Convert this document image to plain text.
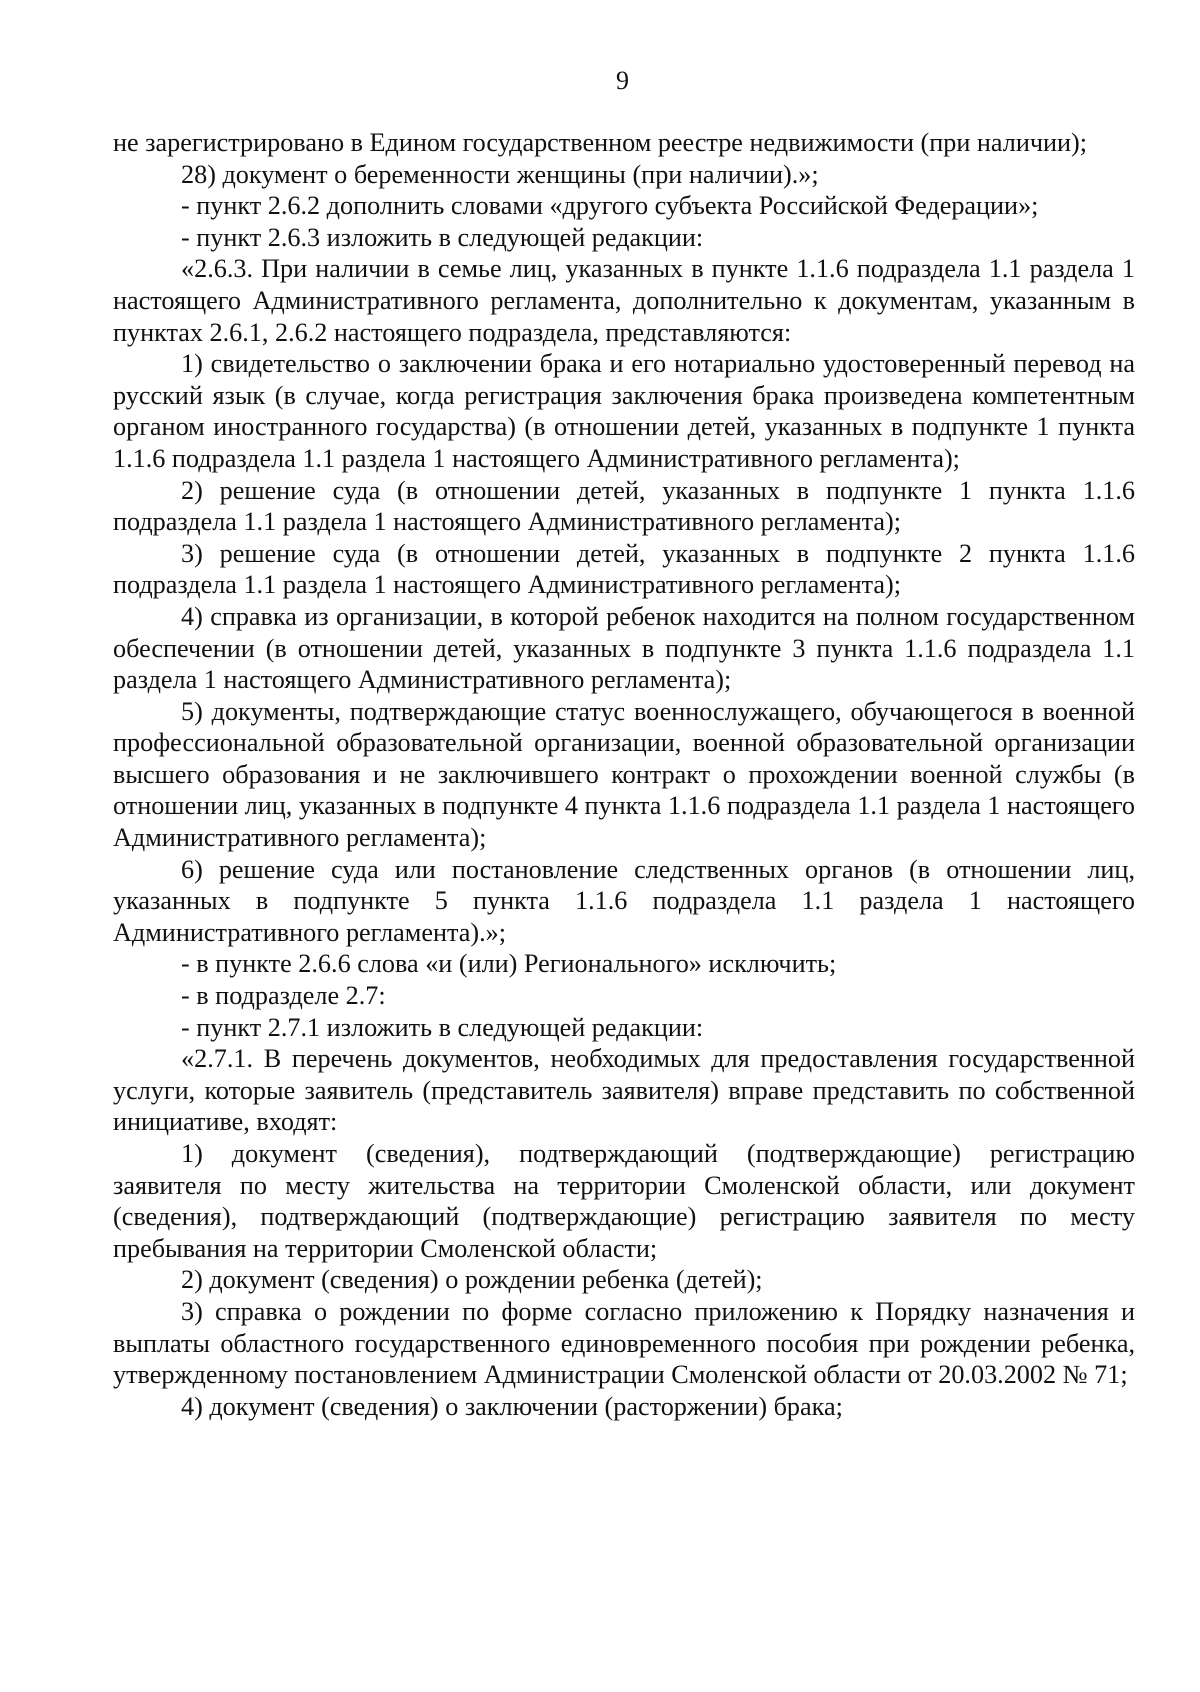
9

не зарегистрировано в Едином государственном реестре недвижимости (при наличии);

28) документ о беременности женщины (при наличии).»;

- пункт 2.6.2 дополнить словами «другого субъекта Российской Федерации»;

- пункт 2.6.3 изложить в следующей редакции:

«2.6.3. При наличии в семье лиц, указанных в пункте 1.1.6 подраздела 1.1 раздела 1 настоящего Административного регламента, дополнительно к документам, указанным в пунктах 2.6.1, 2.6.2 настоящего подраздела, представляются:

1) свидетельство о заключении брака и его нотариально удостоверенный перевод на русский язык (в случае, когда регистрация заключения брака произведена компетентным органом иностранного государства) (в отношении детей, указанных в подпункте 1 пункта 1.1.6 подраздела 1.1 раздела 1 настоящего Административного регламента);

2) решение суда (в отношении детей, указанных в подпункте 1 пункта 1.1.6 подраздела 1.1 раздела 1 настоящего Административного регламента);

3) решение суда (в отношении детей, указанных в подпункте 2 пункта 1.1.6 подраздела 1.1 раздела 1 настоящего Административного регламента);

4) справка из организации, в которой ребенок находится на полном государственном обеспечении (в отношении детей, указанных в подпункте 3 пункта 1.1.6 подраздела 1.1 раздела 1 настоящего Административного регламента);

5) документы, подтверждающие статус военнослужащего, обучающегося в военной профессиональной образовательной организации, военной образовательной организации высшего образования и не заключившего контракт о прохождении военной службы (в отношении лиц, указанных в подпункте 4 пункта 1.1.6 подраздела 1.1 раздела 1 настоящего Административного регламента);

6) решение суда или постановление следственных органов (в отношении лиц, указанных в подпункте 5 пункта 1.1.6 подраздела 1.1 раздела 1 настоящего Административного регламента).»;

- в пункте 2.6.6 слова «и (или) Регионального» исключить;

- в подразделе 2.7:

- пункт 2.7.1 изложить в следующей редакции:

«2.7.1. В перечень документов, необходимых для предоставления государственной услуги, которые заявитель (представитель заявителя) вправе представить по собственной инициативе, входят:

1) документ (сведения), подтверждающий (подтверждающие) регистрацию заявителя по месту жительства на территории Смоленской области, или документ (сведения), подтверждающий (подтверждающие) регистрацию заявителя по месту пребывания на территории Смоленской области;

2) документ (сведения) о рождении ребенка (детей);

3) справка о рождении по форме согласно приложению к Порядку назначения и выплаты областного государственного единовременного пособия при рождении ребенка, утвержденному постановлением Администрации Смоленской области от 20.03.2002 № 71;

4) документ (сведения) о заключении (расторжении) брака;
